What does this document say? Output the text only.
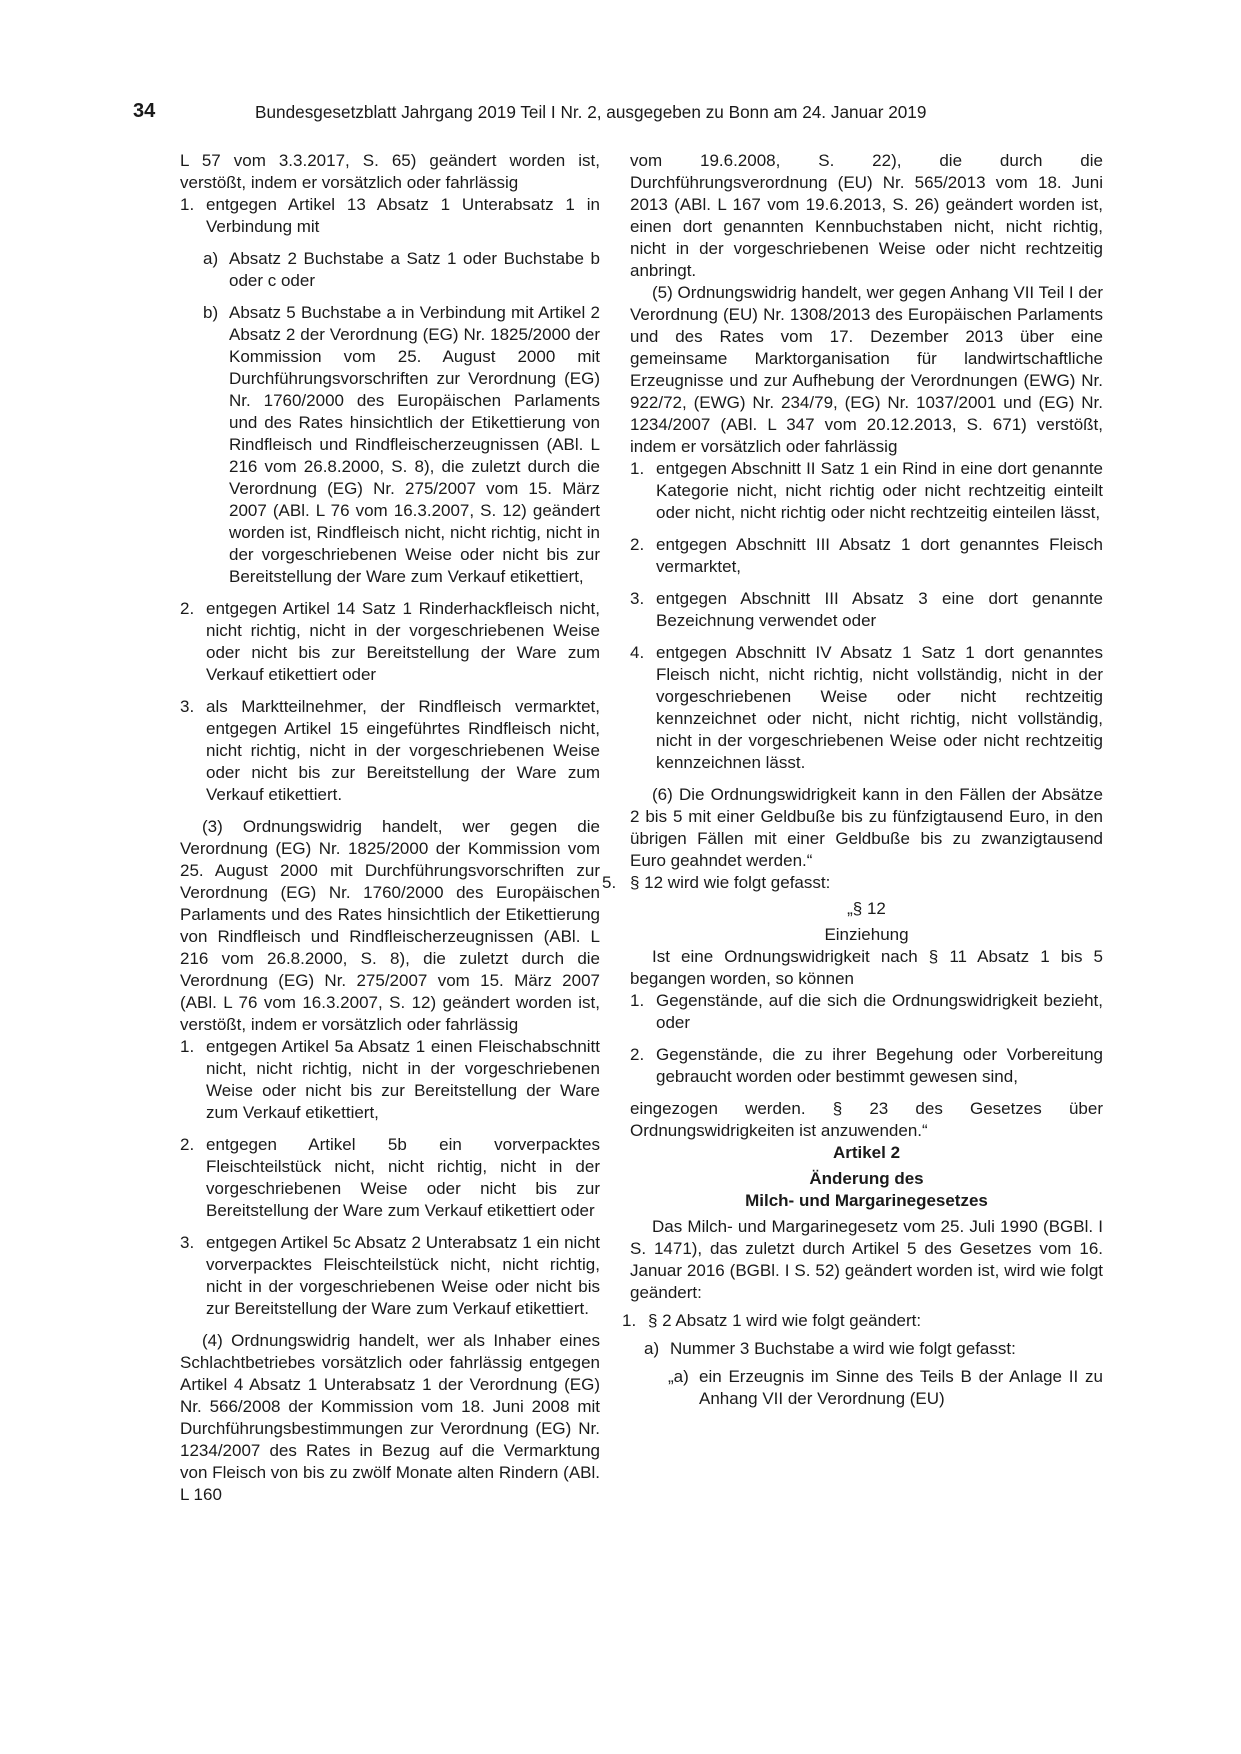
34	Bundesgesetzblatt Jahrgang 2019 Teil I Nr. 2, ausgegeben zu Bonn am 24. Januar 2019

L 57 vom 3.3.2017, S. 65) geändert worden ist, verstößt, indem er vorsätzlich oder fahrlässig

1. entgegen Artikel 13 Absatz 1 Unterabsatz 1 in Verbindung mit
a) Absatz 2 Buchstabe a Satz 1 oder Buchstabe b oder c oder
b) Absatz 5 Buchstabe a in Verbindung mit Artikel 2 Absatz 2 der Verordnung (EG) Nr. 1825/2000 der Kommission vom 25. August 2000 mit Durchführungsvorschriften zur Verordnung (EG) Nr. 1760/2000 des Europäischen Parlaments und des Rates hinsichtlich der Etikettierung von Rindfleisch und Rindfleischerzeugnissen (ABl. L 216 vom 26.8.2000, S. 8), die zuletzt durch die Verordnung (EG) Nr. 275/2007 vom 15. März 2007 (ABl. L 76 vom 16.3.2007, S. 12) geändert worden ist, Rindfleisch nicht, nicht richtig, nicht in der vorgeschriebenen Weise oder nicht bis zur Bereitstellung der Ware zum Verkauf etikettiert,
2. entgegen Artikel 14 Satz 1 Rinderhackfleisch nicht, nicht richtig, nicht in der vorgeschriebenen Weise oder nicht bis zur Bereitstellung der Ware zum Verkauf etikettiert oder
3. als Marktteilnehmer, der Rindfleisch vermarktet, entgegen Artikel 15 eingeführtes Rindfleisch nicht, nicht richtig, nicht in der vorgeschriebenen Weise oder nicht bis zur Bereitstellung der Ware zum Verkauf etikettiert.

(3) Ordnungswidrig handelt, wer gegen die Verordnung (EG) Nr. 1825/2000 der Kommission vom 25. August 2000 mit Durchführungsvorschriften zur Verordnung (EG) Nr. 1760/2000 des Europäischen Parlaments und des Rates hinsichtlich der Etikettierung von Rindfleisch und Rindfleischerzeugnissen (ABl. L 216 vom 26.8.2000, S. 8), die zuletzt durch die Verordnung (EG) Nr. 275/2007 vom 15. März 2007 (ABl. L 76 vom 16.3.2007, S. 12) geändert worden ist, verstößt, indem er vorsätzlich oder fahrlässig

1. entgegen Artikel 5a Absatz 1 einen Fleischabschnitt nicht, nicht richtig, nicht in der vorgeschriebenen Weise oder nicht bis zur Bereitstellung der Ware zum Verkauf etikettiert,
2. entgegen Artikel 5b ein vorverpacktes Fleischteilstück nicht, nicht richtig, nicht in der vorgeschriebenen Weise oder nicht bis zur Bereitstellung der Ware zum Verkauf etikettiert oder
3. entgegen Artikel 5c Absatz 2 Unterabsatz 1 ein nicht vorverpacktes Fleischteilstück nicht, nicht richtig, nicht in der vorgeschriebenen Weise oder nicht bis zur Bereitstellung der Ware zum Verkauf etikettiert.

(4) Ordnungswidrig handelt, wer als Inhaber eines Schlachtbetriebes vorsätzlich oder fahrlässig entgegen Artikel 4 Absatz 1 Unterabsatz 1 der Verordnung (EG) Nr. 566/2008 der Kommission vom 18. Juni 2008 mit Durchführungsbestimmungen zur Verordnung (EG) Nr. 1234/2007 des Rates in Bezug auf die Vermarktung von Fleisch von bis zu zwölf Monate alten Rindern (ABl. L 160

vom 19.6.2008, S. 22), die durch die Durchführungsverordnung (EU) Nr. 565/2013 vom 18. Juni 2013 (ABl. L 167 vom 19.6.2013, S. 26) geändert worden ist, einen dort genannten Kennbuchstaben nicht, nicht richtig, nicht in der vorgeschriebenen Weise oder nicht rechtzeitig anbringt.

(5) Ordnungswidrig handelt, wer gegen Anhang VII Teil I der Verordnung (EU) Nr. 1308/2013 des Europäischen Parlaments und des Rates vom 17. Dezember 2013 über eine gemeinsame Marktorganisation für landwirtschaftliche Erzeugnisse und zur Aufhebung der Verordnungen (EWG) Nr. 922/72, (EWG) Nr. 234/79, (EG) Nr. 1037/2001 und (EG) Nr. 1234/2007 (ABl. L 347 vom 20.12.2013, S. 671) verstößt, indem er vorsätzlich oder fahrlässig

1. entgegen Abschnitt II Satz 1 ein Rind in eine dort genannte Kategorie nicht, nicht richtig oder nicht rechtzeitig einteilt oder nicht, nicht richtig oder nicht rechtzeitig einteilen lässt,
2. entgegen Abschnitt III Absatz 1 dort genanntes Fleisch vermarktet,
3. entgegen Abschnitt III Absatz 3 eine dort genannte Bezeichnung verwendet oder
4. entgegen Abschnitt IV Absatz 1 Satz 1 dort genanntes Fleisch nicht, nicht richtig, nicht vollständig, nicht in der vorgeschriebenen Weise oder nicht rechtzeitig kennzeichnet oder nicht, nicht richtig, nicht vollständig, nicht in der vorgeschriebenen Weise oder nicht rechtzeitig kennzeichnen lässt.

(6) Die Ordnungswidrigkeit kann in den Fällen der Absätze 2 bis 5 mit einer Geldbuße bis zu fünfzigtausend Euro, in den übrigen Fällen mit einer Geldbuße bis zu zwanzigtausend Euro geahndet werden.“

5. § 12 wird wie folgt gefasst:

„§ 12

Einziehung

Ist eine Ordnungswidrigkeit nach § 11 Absatz 1 bis 5 begangen worden, so können

1. Gegenstände, auf die sich die Ordnungswidrigkeit bezieht, oder
2. Gegenstände, die zu ihrer Begehung oder Vorbereitung gebraucht worden oder bestimmt gewesen sind,

eingezogen werden. § 23 des Gesetzes über Ordnungswidrigkeiten ist anzuwenden.“

Artikel 2

Änderung des

Milch- und Margarinegesetzes

Das Milch- und Margarinegesetz vom 25. Juli 1990 (BGBl. I S. 1471), das zuletzt durch Artikel 5 des Gesetzes vom 16. Januar 2016 (BGBl. I S. 52) geändert worden ist, wird wie folgt geändert:

1. § 2 Absatz 1 wird wie folgt geändert:
a) Nummer 3 Buchstabe a wird wie folgt gefasst:
„a) ein Erzeugnis im Sinne des Teils B der Anlage II zu Anhang VII der Verordnung (EU)
